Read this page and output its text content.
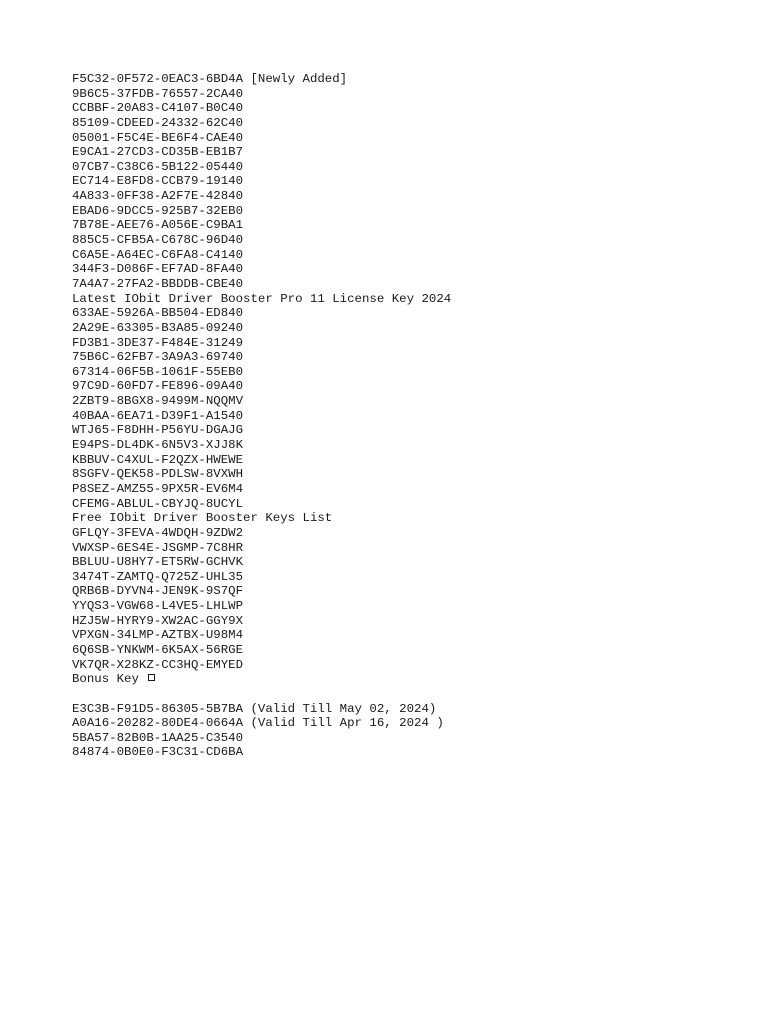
F5C32-0F572-0EAC3-6BD4A [Newly Added]
9B6C5-37FDB-76557-2CA40
CCBBF-20A83-C4107-B0C40
85109-CDEED-24332-62C40
05001-F5C4E-BE6F4-CAE40
E9CA1-27CD3-CD35B-EB1B7
07CB7-C38C6-5B122-05440
EC714-E8FD8-CCB79-19140
4A833-0FF38-A2F7E-42840
EBAD6-9DCC5-925B7-32EB0
7B78E-AEE76-A056E-C9BA1
885C5-CFB5A-C678C-96D40
C6A5E-A64EC-C6FA8-C4140
344F3-D086F-EF7AD-8FA40
7A4A7-27FA2-BBDDB-CBE40
Latest IObit Driver Booster Pro 11 License Key 2024
633AE-5926A-BB504-ED840
2A29E-63305-B3A85-09240
FD3B1-3DE37-F484E-31249
75B6C-62FB7-3A9A3-69740
67314-06F5B-1061F-55EB0
97C9D-60FD7-FE896-09A40
2ZBT9-8BGX8-9499M-NQQMV
40BAA-6EA71-D39F1-A1540
WTJ65-F8DHH-P56YU-DGAJG
E94PS-DL4DK-6N5V3-XJJ8K
KBBUV-C4XUL-F2QZX-HWEWE
8SGFV-QEK58-PDLSW-8VXWH
P8SEZ-AMZ55-9PX5R-EV6M4
CFEMG-ABLUL-CBYJQ-8UCYL
Free IObit Driver Booster Keys List
GFLQY-3FEVA-4WDQH-9ZDW2
VWXSP-6ES4E-JSGMP-7C8HR
BBLUU-U8HY7-ET5RW-GCHVK
3474T-ZAMTQ-Q725Z-UHL35
QRB6B-DYVN4-JEN9K-9S7QF
YYQS3-VGW68-L4VE5-LHLWP
HZJ5W-HYRY9-XW2AC-GGY9X
VPXGN-34LMP-AZTBX-U98M4
6Q6SB-YNKWM-6K5AX-56RGE
VK7QR-X28KZ-CC3HQ-EMYED
Bonus Key
E3C3B-F91D5-86305-5B7BA (Valid Till May 02, 2024)
A0A16-20282-80DE4-0664A (Valid Till Apr 16, 2024 )
5BA57-82B0B-1AA25-C3540
84874-0B0E0-F3C31-CD6BA
